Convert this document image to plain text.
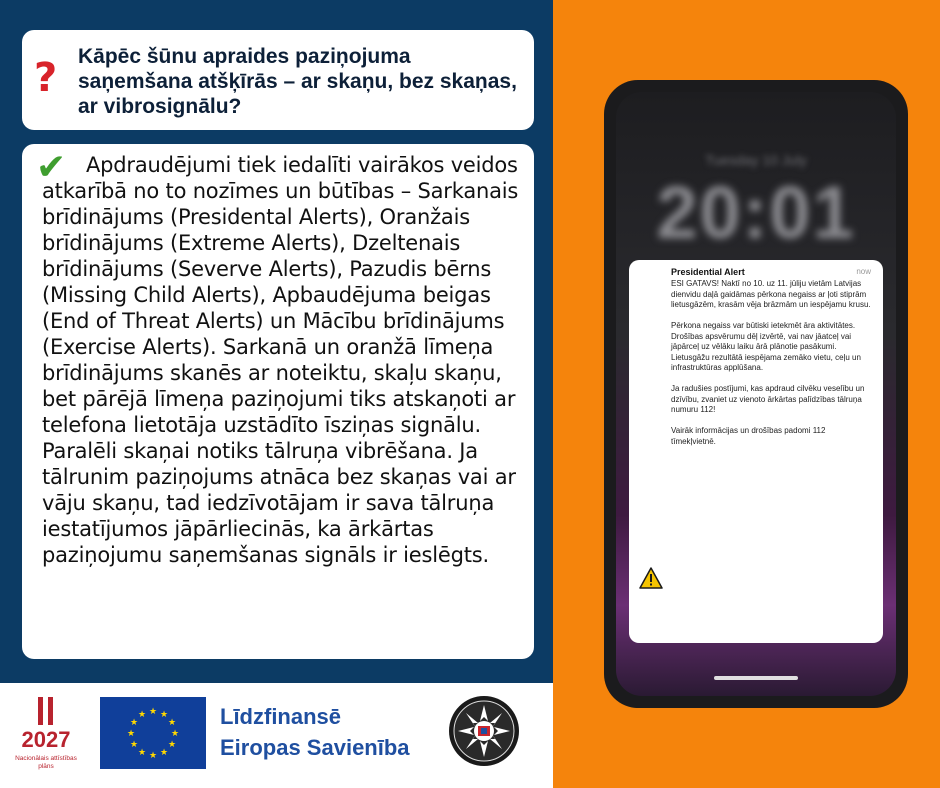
? Kāpēc šūnu apraides paziņojuma saņemšana atšķīrās – ar skaņu, bez skaņas, ar vibrosignālu?
✔ Apdraudējumi tiek iedalīti vairākos veidos atkarībā no to nozīmes un būtības – Sarkanais brīdinājums (Presidental Alerts), Oranžais brīdinājums (Extreme Alerts), Dzeltenais brīdinājums (Severve Alerts), Pazudis bērns (Missing Child Alerts), Apbaudējuma beigas (End of Threat Alerts) un Mācību brīdinājums (Exercise Alerts). Sarkanā un oranžā līmeņa brīdinājums skanēs ar noteiktu, skaļu skaņu, bet pārējā līmeņa paziņojumi tiks atskaņoti ar telefona lietotāja uzstādīto īsziņas signālu. Paralēli skaņai notiks tālruņa vibrēšana. Ja tālrunim paziņojums atnāca bez skaņas vai ar vāju skaņu, tad iedzīvotājam ir sava tālruņa iestatījumos jāpārliecinās, ka ārkārtas paziņojumu saņemšanas signāls ir ieslēgts.
Tuesday 10 July
20:01
Presidential Alert	now

ESI GATAVS! Naktī no 10. uz 11. jūliju vietām Latvijas dienvidu daļā gaidāmas pērkona negaiss ar ļoti stiprām lietusgāzēm, krasām vēja brāzmām un iespējamu krusu.

Pērkona negaiss var būtiski ietekmēt āra aktivitātes. Drošības apsvērumu dēļ izvērtē, vai nav jāatceļ vai jāpārceļ uz vēlāku laiku ārā plānotie pasākumi. Lietusgāžu rezultātā iespējama zemāko vietu, ceļu un infrastruktūras applūšana.

Ja radušies postījumi, kas apdraud cilvēku veselību un dzīvību, zvaniet uz vienoto ārkārtas palīdzības tālruņa numuru 112!

Vairāk informācijas un drošības padomi 112 tīmekļvietnē.

2027
Nacionālais attīstības plāns
★ ★
★
★
★
★
★
★
★
★
★
★	Līdzfinansē
Eiropas Savienība
